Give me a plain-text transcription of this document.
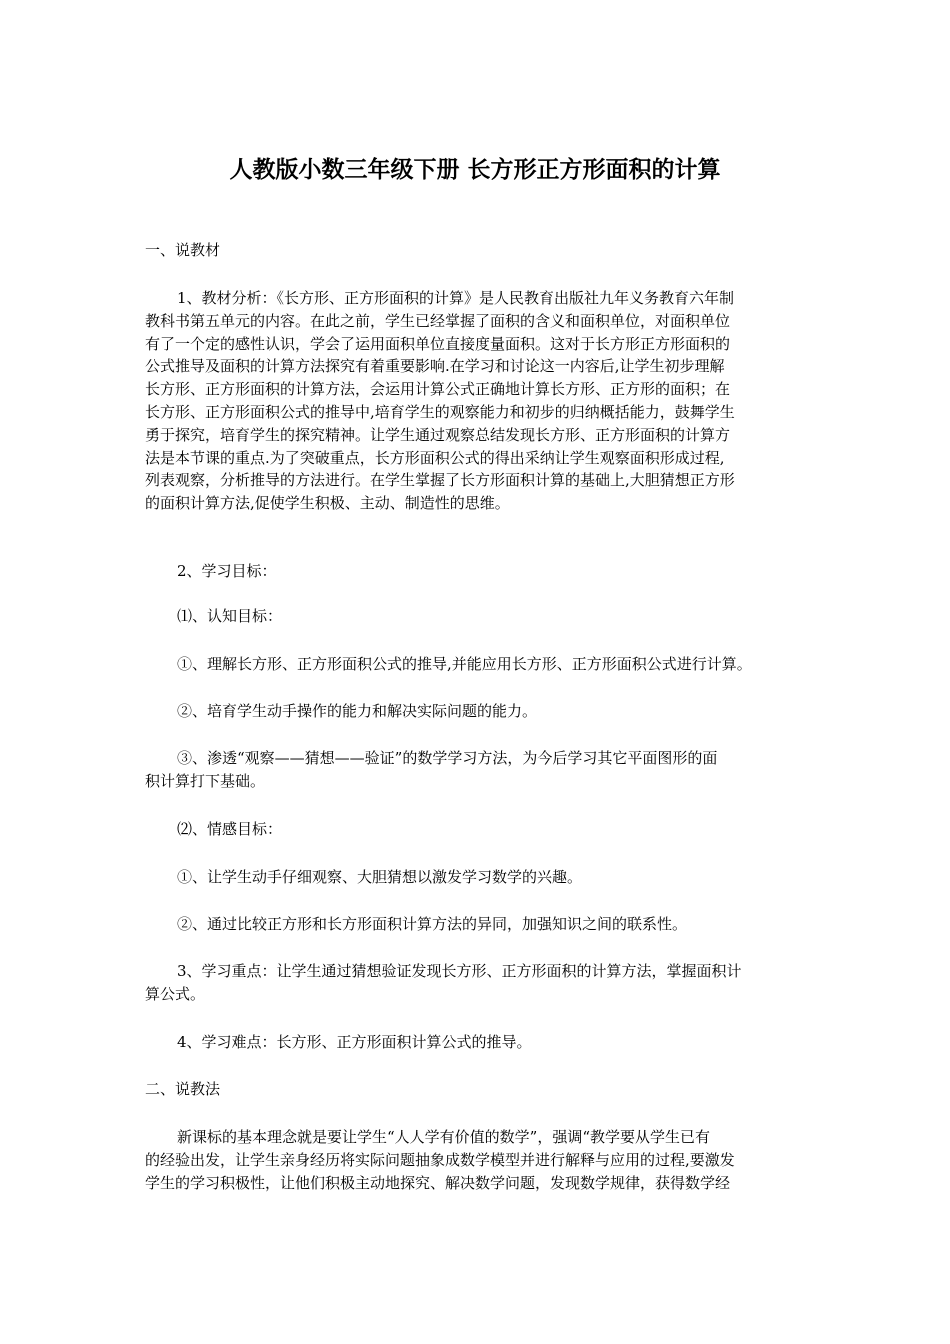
人教版小数三年级下册 长方形正方形面积的计算

一、说教材

1、教材分析：《长方形、正方形面积的计算》是人民教育出版社九年义务教育六年制
教科书第五单元的内容。在此之前，学生已经掌握了面积的含义和面积单位，对面积单位
有了一个定的感性认识，学会了运用面积单位直接度量面积。这对于长方形正方形面积的
公式推导及面积的计算方法探究有着重要影响.在学习和讨论这一内容后,让学生初步理解
长方形、正方形面积的计算方法，会运用计算公式正确地计算长方形、正方形的面积；在
长方形、正方形面积公式的推导中,培育学生的观察能力和初步的归纳概括能力，鼓舞学生
勇于探究，培育学生的探究精神。让学生通过观察总结发现长方形、正方形面积的计算方
法是本节课的重点.为了突破重点，长方形面积公式的得出采纳让学生观察面积形成过程,
列表观察，分析推导的方法进行。在学生掌握了长方形面积计算的基础上,大胆猜想正方形
的面积计算方法,促使学生积极、主动、制造性的思维。

2、学习目标：

⑴、认知目标：

①、理解长方形、正方形面积公式的推导,并能应用长方形、正方形面积公式进行计算。

②、培育学生动手操作的能力和解决实际问题的能力。

③、渗透“观察——猜想——验证”的数学学习方法，为今后学习其它平面图形的面
积计算打下基础。

⑵、情感目标：

①、让学生动手仔细观察、大胆猜想以激发学习数学的兴趣。

②、通过比较正方形和长方形面积计算方法的异同，加强知识之间的联系性。

3、学习重点：让学生通过猜想验证发现长方形、正方形面积的计算方法，掌握面积计
算公式。

4、学习难点：长方形、正方形面积计算公式的推导。

二、说教法

新课标的基本理念就是要让学生“人人学有价值的数学”，强调“教学要从学生已有
的经验出发，让学生亲身经历将实际问题抽象成数学模型并进行解释与应用的过程,要激发
学生的学习积极性，让他们积极主动地探究、解决数学问题，发现数学规律，获得数学经
